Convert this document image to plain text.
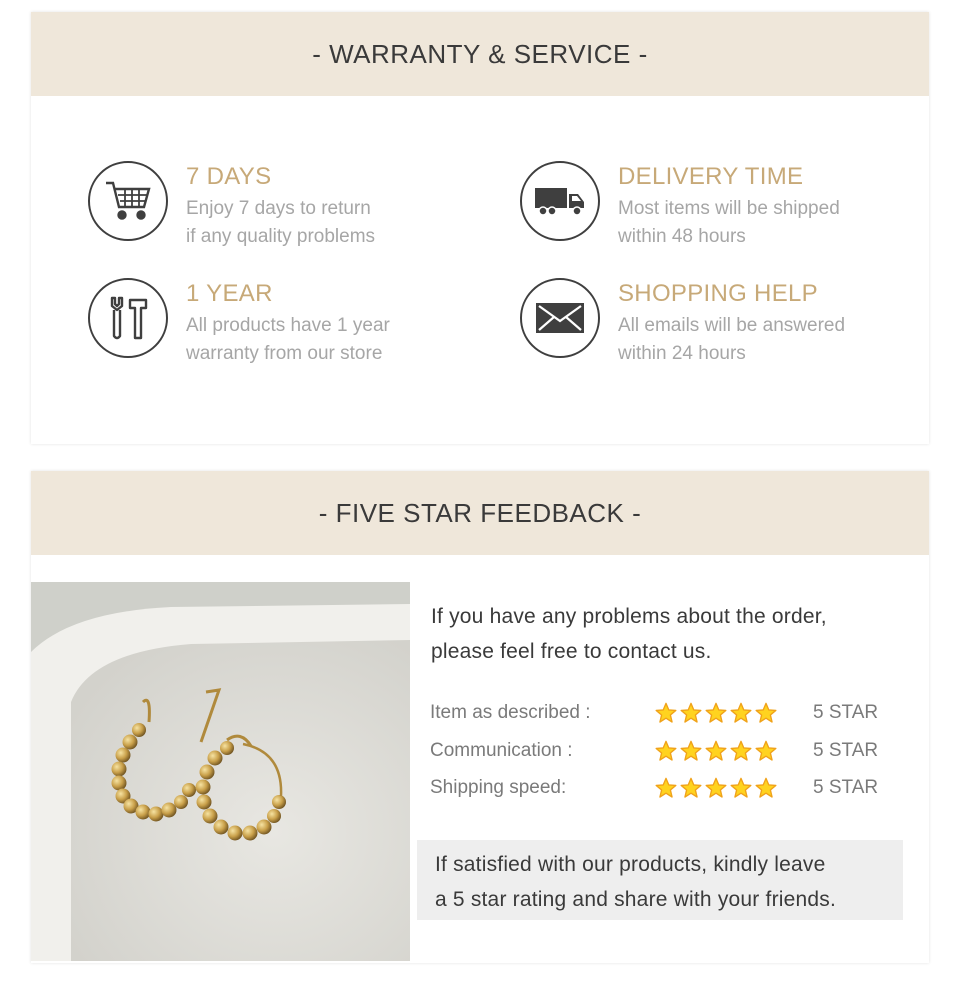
- WARRANTY & SERVICE -
7 DAYS
Enjoy 7 days to return
if any quality problems
DELIVERY TIME
Most items will be shipped
within 48 hours
1 YEAR
All products have 1 year
warranty from our store
SHOPPING HELP
All emails will be answered
within 24 hours
- FIVE STAR FEEDBACK -
If you have any problems about the order,
please feel free to contact us.
Item as described :	5 STAR
Communication :	5 STAR
Shipping speed:	5 STAR
If satisfied with our products, kindly leave
a 5 star rating and share with your friends.
